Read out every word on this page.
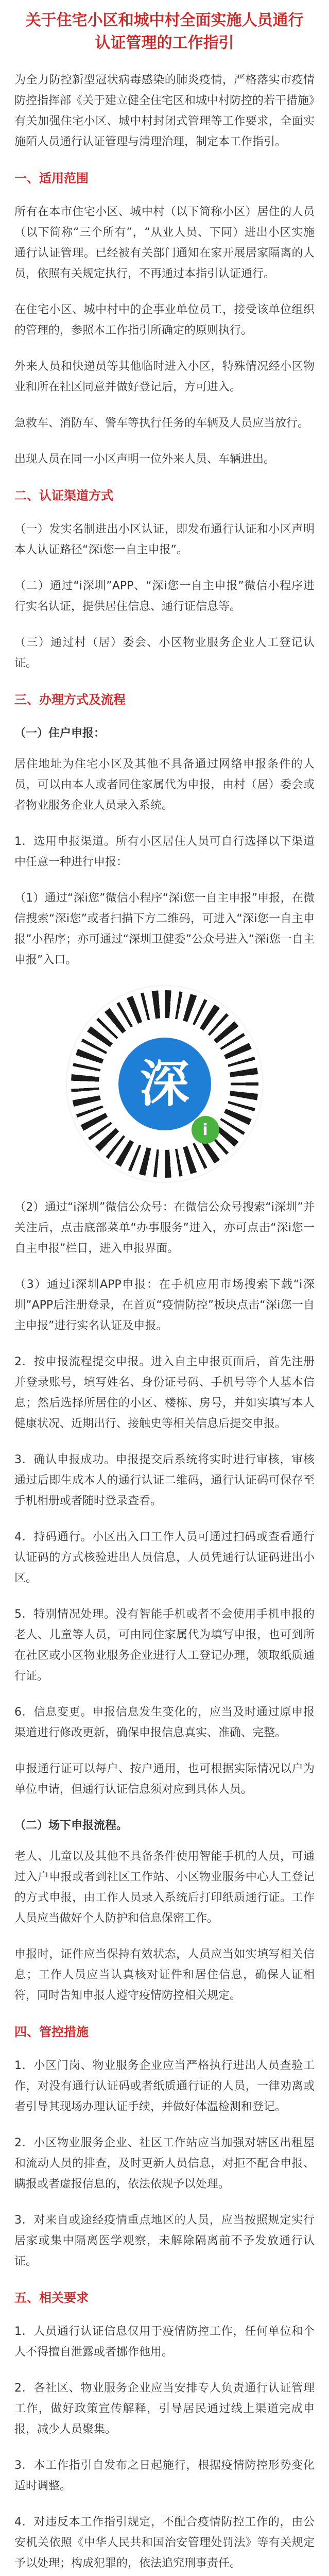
关于住宅小区和城中村全面实施人员通行
认证管理的工作指引

为全力防控新型冠状病毒感染的肺炎疫情，严格落实市疫情防控指挥部《关于建立健全住宅区和城中村防控的若干措施》有关加强住宅小区、城中村封闭式管理等工作要求，全面实施陌人员通行认证管理与清理治理，制定本工作指引。

一、适用范围

所有在本市住宅小区、城中村（以下简称小区）居住的人员（以下简称“三个所有”，“从业人员、下同）进出小区实施通行认证管理。已经被有关部门通知在家开展居家隔离的人员，依照有关规定执行，不再通过本指引认证通行。

在住宅小区、城中村中的企事业单位员工，接受该单位组织的管理的，参照本工作指引所确定的原则执行。

外来人员和快递员等其他临时进入小区，特殊情况经小区物业和所在社区同意并做好登记后，方可进入。

急救车、消防车、警车等执行任务的车辆及人员应当放行。

出现人员在同一小区声明一位外来人员、车辆进出。

二、认证渠道方式

（一）发实名制进出小区认证，即发布通行认证和小区声明本人认证路径“深i您一自主申报”。

（二）通过“i深圳”APP、“深i您一自主申报”微信小程序进行实名认证，提供居住信息、通行证信息等。

（三）通过村（居）委会、小区物业服务企业人工登记认证。

三、办理方式及流程
（一）住户申报：

居住地址为住宅小区及其他不具备通过网络申报条件的人员，可以由本人或者同住家属代为申报，由村（居）委会或者物业服务企业人员录入系统。

1．选用申报渠道。所有小区居住人员可自行选择以下渠道中任意一种进行申报：

（1）通过“深i您”微信小程序“深i您一自主申报”申报，在微信搜索“深i您”或者扫描下方二维码，可进入“深i您一自主申报”小程序；亦可通过“深圳卫健委”公众号进入“深i您一自主申报”入口。

深
i

（2）通过“i深圳”微信公众号：在微信公众号搜索“i深圳”并关注后，点击底部菜单“办事服务”进入，亦可点击“深i您一自主申报”栏目，进入申报界面。

（3）通过i深圳APP申报：在手机应用市场搜索下载“i深圳”APP后注册登录，在首页“疫情防控”板块点击“深i您一自主申报”进行实名认证及申报。

2．按申报流程提交申报。进入自主申报页面后，首先注册并登录账号，填写姓名、身份证号码、手机号等个人基本信息；然后选择所居住的小区、楼栋、房号，并如实填写本人健康状况、近期出行、接触史等相关信息后提交申报。

3．确认申报成功。申报提交后系统将实时进行审核，审核通过后即生成本人的通行认证二维码，通行认证码可保存至手机相册或者随时登录查看。

4．持码通行。小区出入口工作人员可通过扫码或查看通行认证码的方式核验进出人员信息，人员凭通行认证码进出小区。

5．特别情况处理。没有智能手机或者不会使用手机申报的老人、儿童等人员，可由同住家属代为填写申报，也可到所在社区或小区物业服务企业进行人工登记办理，领取纸质通行证。

6．信息变更。申报信息发生变化的，应当及时通过原申报渠道进行修改更新，确保申报信息真实、准确、完整。

申报通行证可以每户、按户通用，也可根据实际情况以户为单位申请，但通行认证信息须对应到具体人员。

（二）场下申报流程。

老人、儿童以及其他不具备条件使用智能手机的人员，可通过入户申报或者到社区工作站、小区物业服务中心人工登记的方式申报，由工作人员录入系统后打印纸质通行证。工作人员应当做好个人防护和信息保密工作。

申报时，证件应当保持有效状态，人员应当如实填写相关信息；工作人员应当认真核对证件和居住信息，确保人证相符，同时告知申报人遵守疫情防控相关规定。

四、管控措施

1．小区门岗、物业服务企业应当严格执行进出人员查验工作，对没有通行认证码或者纸质通行证的人员，一律劝离或者引导其现场办理认证手续，并做好体温检测和登记。

2．小区物业服务企业、社区工作站应当加强对辖区出租屋和流动人员的排查，及时更新人员信息，对拒不配合申报、瞒报或者虚报信息的，依法依规予以处理。

3．对来自或途经疫情重点地区的人员，应当按照规定实行居家或集中隔离医学观察，未解除隔离前不予发放通行认证。

五、相关要求

1．人员通行认证信息仅用于疫情防控工作，任何单位和个人不得擅自泄露或者挪作他用。

2．各社区、物业服务企业应当安排专人负责通行认证管理工作，做好政策宣传解释，引导居民通过线上渠道完成申报，减少人员聚集。

3．本工作指引自发布之日起施行，根据疫情防控形势变化适时调整。

4．对违反本工作指引规定，不配合疫情防控工作的，由公安机关依照《中华人民共和国治安管理处罚法》等有关规定予以处理；构成犯罪的，依法追究刑事责任。
